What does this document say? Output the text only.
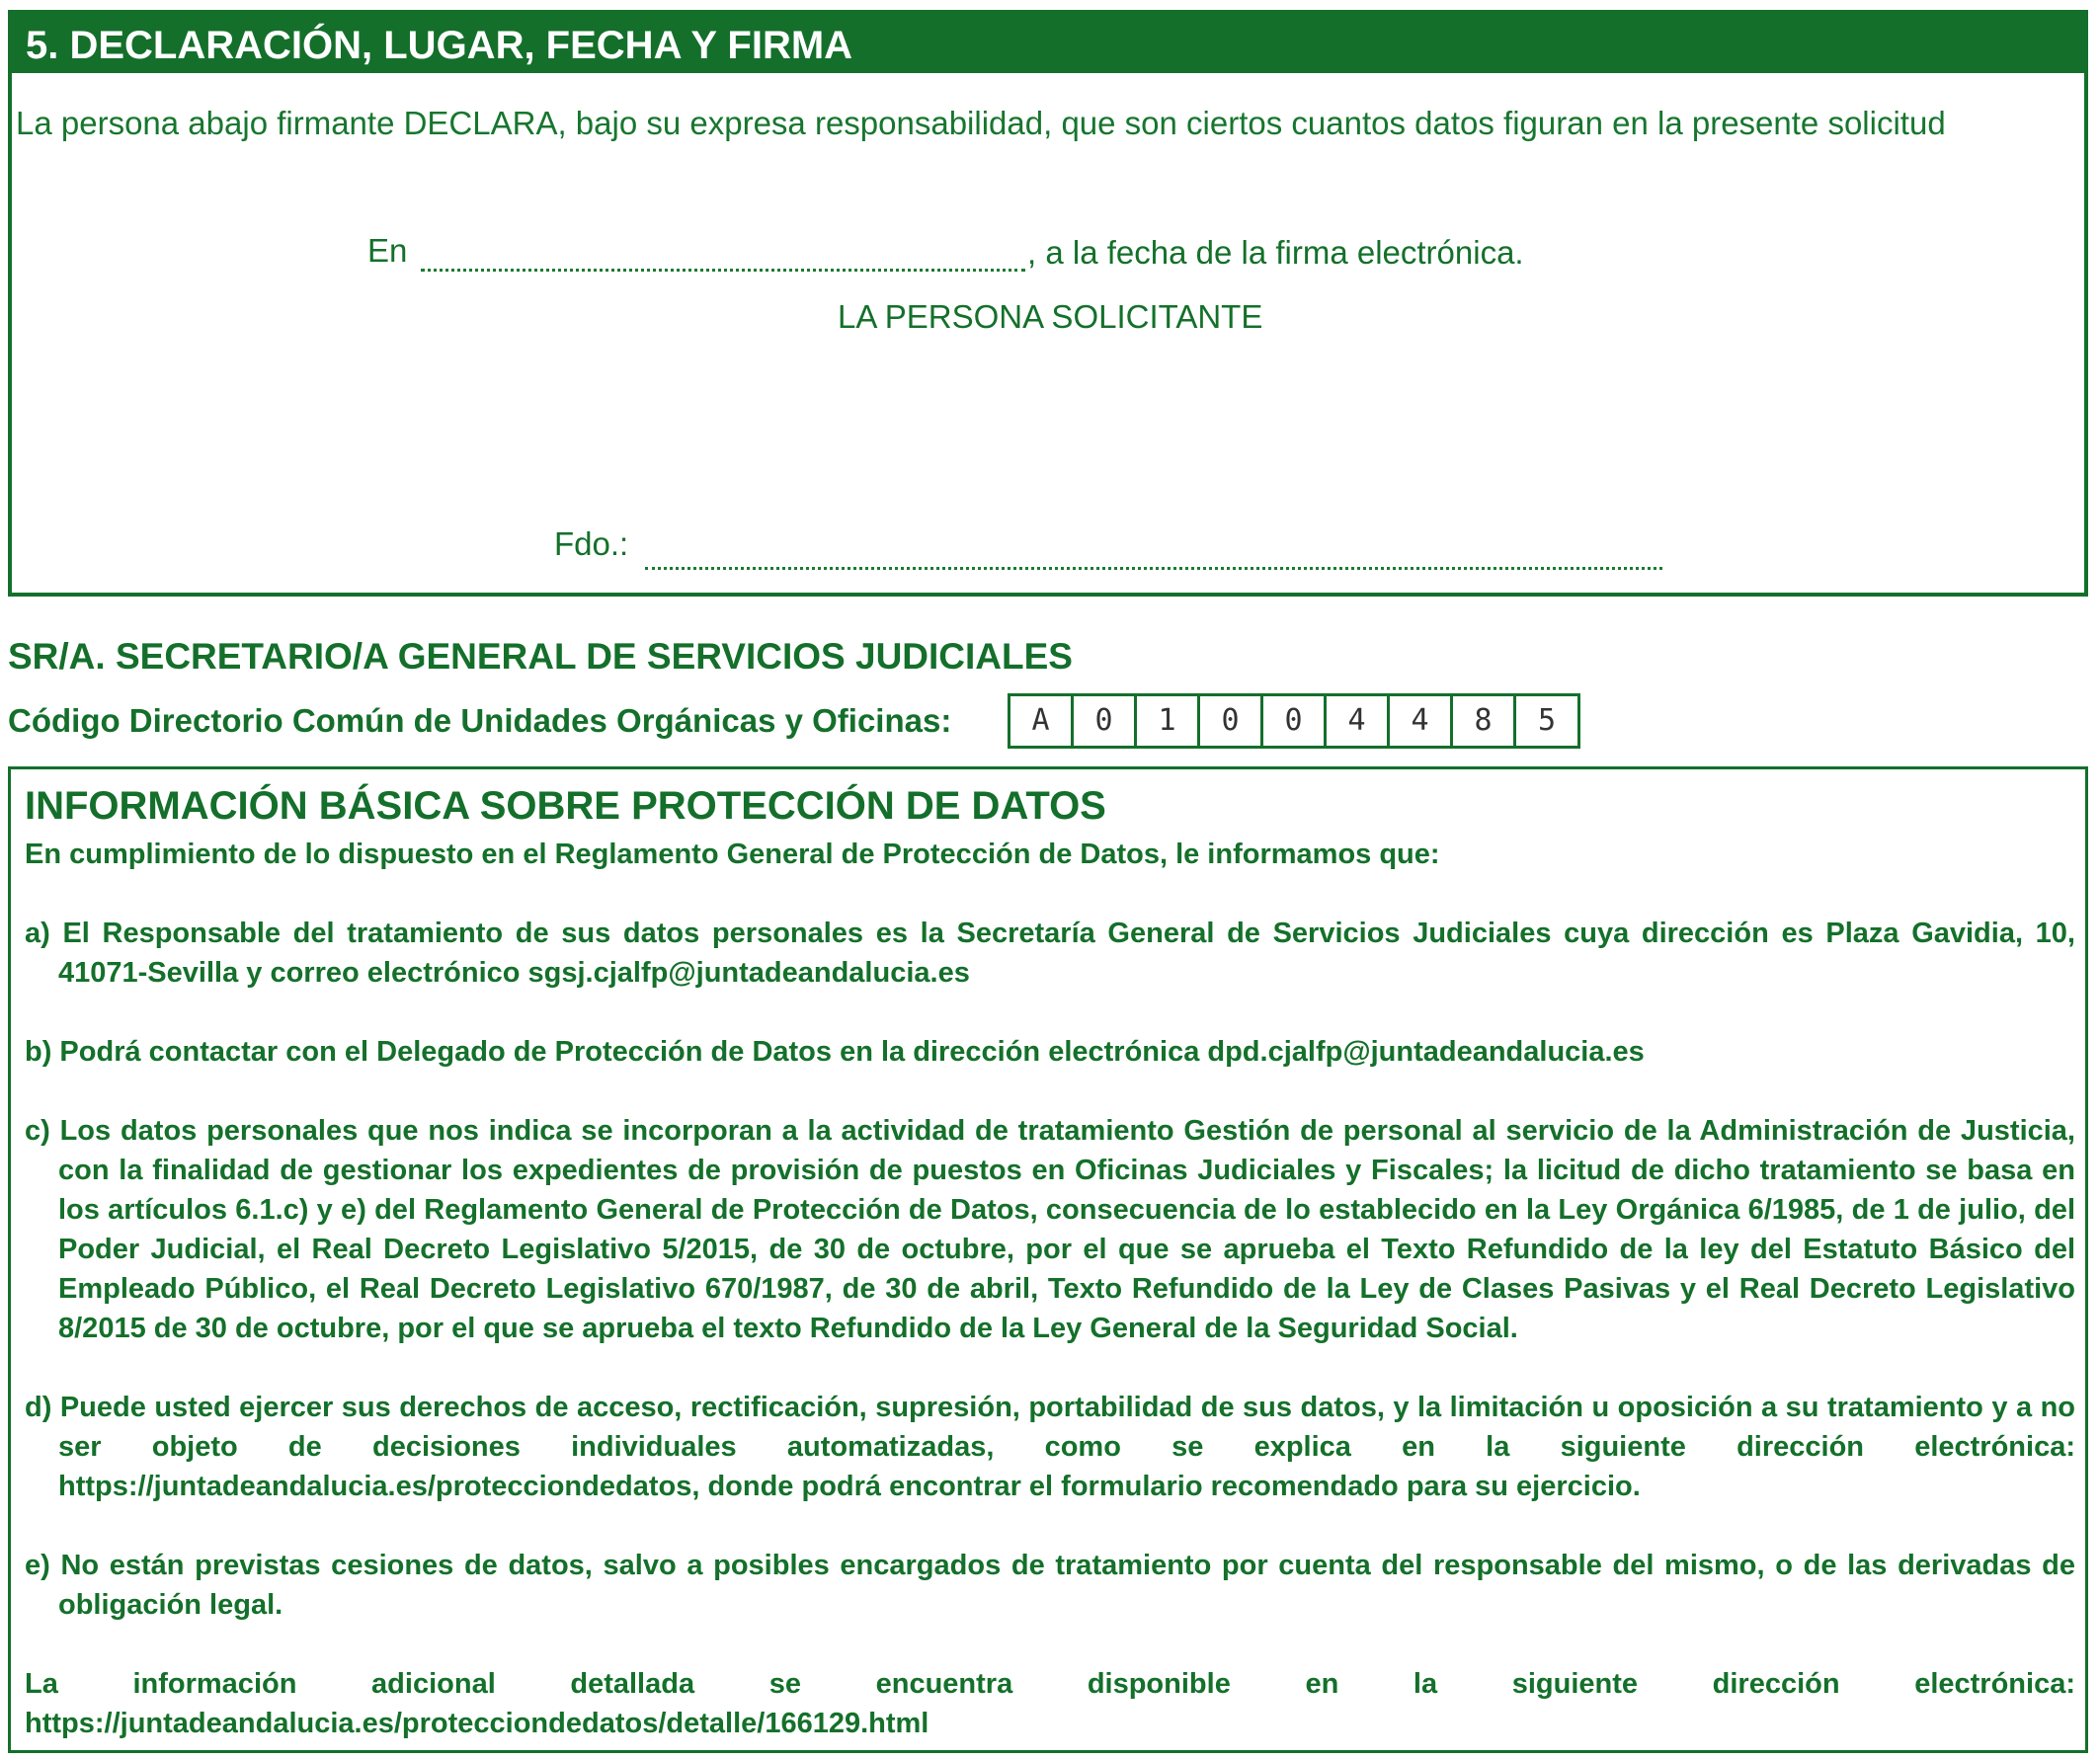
5. DECLARACIÓN, LUGAR, FECHA Y FIRMA
La persona abajo firmante DECLARA, bajo su expresa responsabilidad, que son ciertos cuantos datos figuran en la presente solicitud
En	, a la fecha de la firma electrónica.
LA PERSONA SOLICITANTE
Fdo.:
SR/A. SECRETARIO/A GENERAL DE SERVICIOS JUDICIALES
Código Directorio Común de Unidades Orgánicas y Oficinas:	A	0	1	0	0	4	4	8	5
INFORMACIÓN BÁSICA SOBRE PROTECCIÓN DE DATOS
En cumplimiento de lo dispuesto en el Reglamento General de Protección de Datos, le informamos que:
a) El Responsable del tratamiento de sus datos personales es la Secretaría General de Servicios Judiciales cuya dirección es Plaza Gavidia, 10, 41071-Sevilla y correo electrónico sgsj.cjalfp@juntadeandalucia.es
b) Podrá contactar con el Delegado de Protección de Datos en la dirección electrónica dpd.cjalfp@juntadeandalucia.es
c) Los datos personales que nos indica se incorporan a la actividad de tratamiento Gestión de personal al servicio de la Administración de Justicia, con la finalidad de gestionar los expedientes de provisión de puestos en Oficinas Judiciales y Fiscales; la licitud de dicho tratamiento se basa en los artículos 6.1.c) y e) del Reglamento General de Protección de Datos, consecuencia de lo establecido en la Ley Orgánica 6/1985, de 1 de julio, del Poder Judicial, el Real Decreto Legislativo 5/2015, de 30 de octubre, por el que se aprueba el Texto Refundido de la ley del Estatuto Básico del Empleado Público, el Real Decreto Legislativo 670/1987, de 30 de abril, Texto Refundido de la Ley de Clases Pasivas y el Real Decreto Legislativo 8/2015 de 30 de octubre, por el que se aprueba el texto Refundido de la Ley General de la Seguridad Social.
d) Puede usted ejercer sus derechos de acceso, rectificación, supresión, portabilidad de sus datos, y la limitación u oposición a su tratamiento y a no ser objeto de decisiones individuales automatizadas, como se explica en la siguiente dirección electrónica: https://juntadeandalucia.es/protecciondedatos, donde podrá encontrar el formulario recomendado para su ejercicio.
e) No están previstas cesiones de datos, salvo a posibles encargados de tratamiento por cuenta del responsable del mismo, o de las derivadas de obligación legal.
La información adicional detallada se encuentra disponible en la siguiente dirección electrónica: https://juntadeandalucia.es/protecciondedatos/detalle/166129.html
